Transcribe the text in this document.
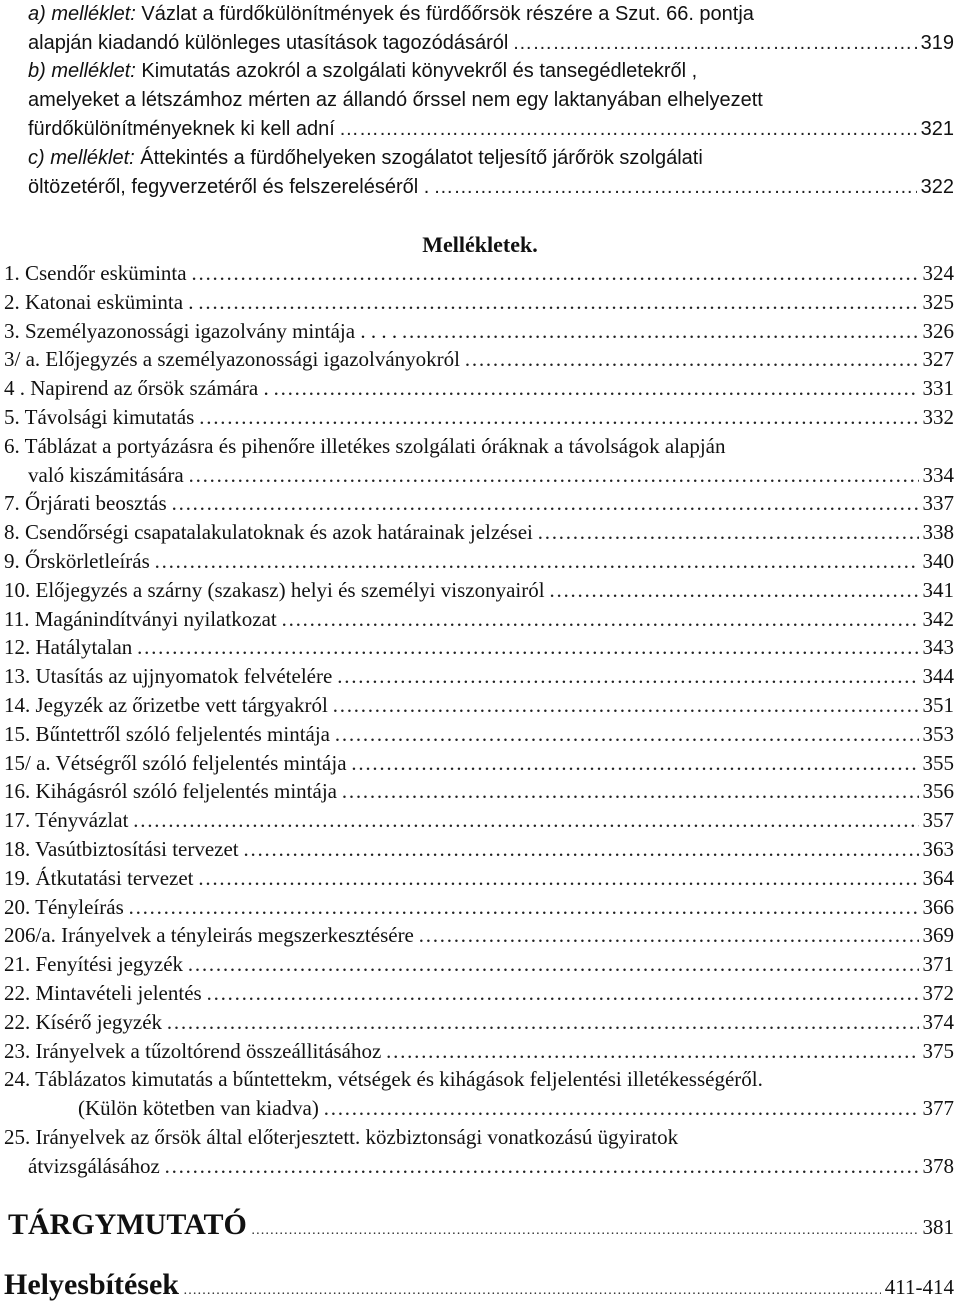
a) melléklet: Vázlat a fürdőkülönítmények és fürdőőrsök részére a Szut. 66. pontja
alapján kiadandó különleges utasítások tagozódásáról …………………………………………………………………………………………………………………………………………………………………………………………………………………………………………………………………	319
b) melléklet: Kimutatás azokról a szolgálati könyvekről és tansegédletekről ,
amelyeket a létszámhoz mérten az állandó őrssel nem egy laktanyában elhelyezett
fürdőkülönítményeknek ki kell adní …………………………………………………………………………………………………………………………………………………………………………………………………………………………………………………………………	321
c) melléklet: Áttekintés a fürdőhelyeken szogálatot teljesítő járőrök szolgálati
öltözetéről, fegyverzetéről és felszereléséről . …………………………………………………………………………………………………………………………………………………………………………………………………………………………………………………………………	322
Mellékletek.
1. Csendőr esküminta …………………………………………………………………………………………………………………………………………………………………………………………………………………………………………………………………	324
2. Katonai esküminta . …………………………………………………………………………………………………………………………………………………………………………………………………………………………………………………………………	325
3. Személyazonossági igazolvány mintája . . . . …………………………………………………………………………………………………………………………………………………………………………………………………………………………………………………………………	326
3/ a. Előjegyzés a személyazonossági igazolványokról …………………………………………………………………………………………………………………………………………………………………………………………………………………………………………………………………	327
4 . Napirend az őrsök számára . …………………………………………………………………………………………………………………………………………………………………………………………………………………………………………………………………	331
5. Távolsági kimutatás …………………………………………………………………………………………………………………………………………………………………………………………………………………………………………………………………	332
6. Táblázat a portyázásra és pihenőre illetékes szolgálati óráknak a távolságok alapján
való kiszámitására …………………………………………………………………………………………………………………………………………………………………………………………………………………………………………………………………	334
7. Őrjárati beosztás …………………………………………………………………………………………………………………………………………………………………………………………………………………………………………………………………	337
8. Csendőrségi csapatalakulatoknak és azok határainak jelzései …………………………………………………………………………………………………………………………………………………………………………………………………………………………………………………………………	338
9. Őrskörletleírás …………………………………………………………………………………………………………………………………………………………………………………………………………………………………………………………………	340
10. Előjegyzés a szárny (szakasz) helyi és személyi viszonyairól …………………………………………………………………………………………………………………………………………………………………………………………………………………………………………………………………	341
11. Magánindítványi nyilatkozat …………………………………………………………………………………………………………………………………………………………………………………………………………………………………………………………………	342
12. Hatálytalan …………………………………………………………………………………………………………………………………………………………………………………………………………………………………………………………………	343
13. Utasítás az ujjnyomatok felvételére …………………………………………………………………………………………………………………………………………………………………………………………………………………………………………………………………	344
14. Jegyzék az őrizetbe vett tárgyakról …………………………………………………………………………………………………………………………………………………………………………………………………………………………………………………………………	351
15. Bűntettről szóló feljelentés mintája …………………………………………………………………………………………………………………………………………………………………………………………………………………………………………………………………	353
15/ a. Vétségről szóló feljelentés mintája …………………………………………………………………………………………………………………………………………………………………………………………………………………………………………………………………	355
16. Kihágásról szóló feljelentés mintája …………………………………………………………………………………………………………………………………………………………………………………………………………………………………………………………………	356
17. Tényvázlat …………………………………………………………………………………………………………………………………………………………………………………………………………………………………………………………………	357
18. Vasútbiztosítási tervezet …………………………………………………………………………………………………………………………………………………………………………………………………………………………………………………………………	363
19. Átkutatási tervezet …………………………………………………………………………………………………………………………………………………………………………………………………………………………………………………………………	364
20. Tényleírás …………………………………………………………………………………………………………………………………………………………………………………………………………………………………………………………………	366
206/a. Irányelvek a tényleirás megszerkesztésére …………………………………………………………………………………………………………………………………………………………………………………………………………………………………………………………………	369
21. Fenyítési jegyzék …………………………………………………………………………………………………………………………………………………………………………………………………………………………………………………………………	371
22. Mintavételi jelentés …………………………………………………………………………………………………………………………………………………………………………………………………………………………………………………………………	372
22. Kísérő jegyzék …………………………………………………………………………………………………………………………………………………………………………………………………………………………………………………………………	374
23. Irányelvek a tűzoltórend összeállitásához …………………………………………………………………………………………………………………………………………………………………………………………………………………………………………………………………	375
24. Táblázatos kimutatás a bűntettekm, vétségek és kihágások feljelentési illetékességéről.
(Külön kötetben van kiadva) …………………………………………………………………………………………………………………………………………………………………………………………………………………………………………………………………	377
25. Irányelvek az őrsök által előterjesztett. közbiztonsági vonatkozású ügyiratok
átvizsgálásához …………………………………………………………………………………………………………………………………………………………………………………………………………………………………………………………………	378
TÁRGYMUTATÓ …………………………………………………………………………………………………………………………………………………………………………………………………………………………………………………………………	381
Helyesbítések …………………………………………………………………………………………………………………………………………………………………………………………………………………………………………………………………	411-414
